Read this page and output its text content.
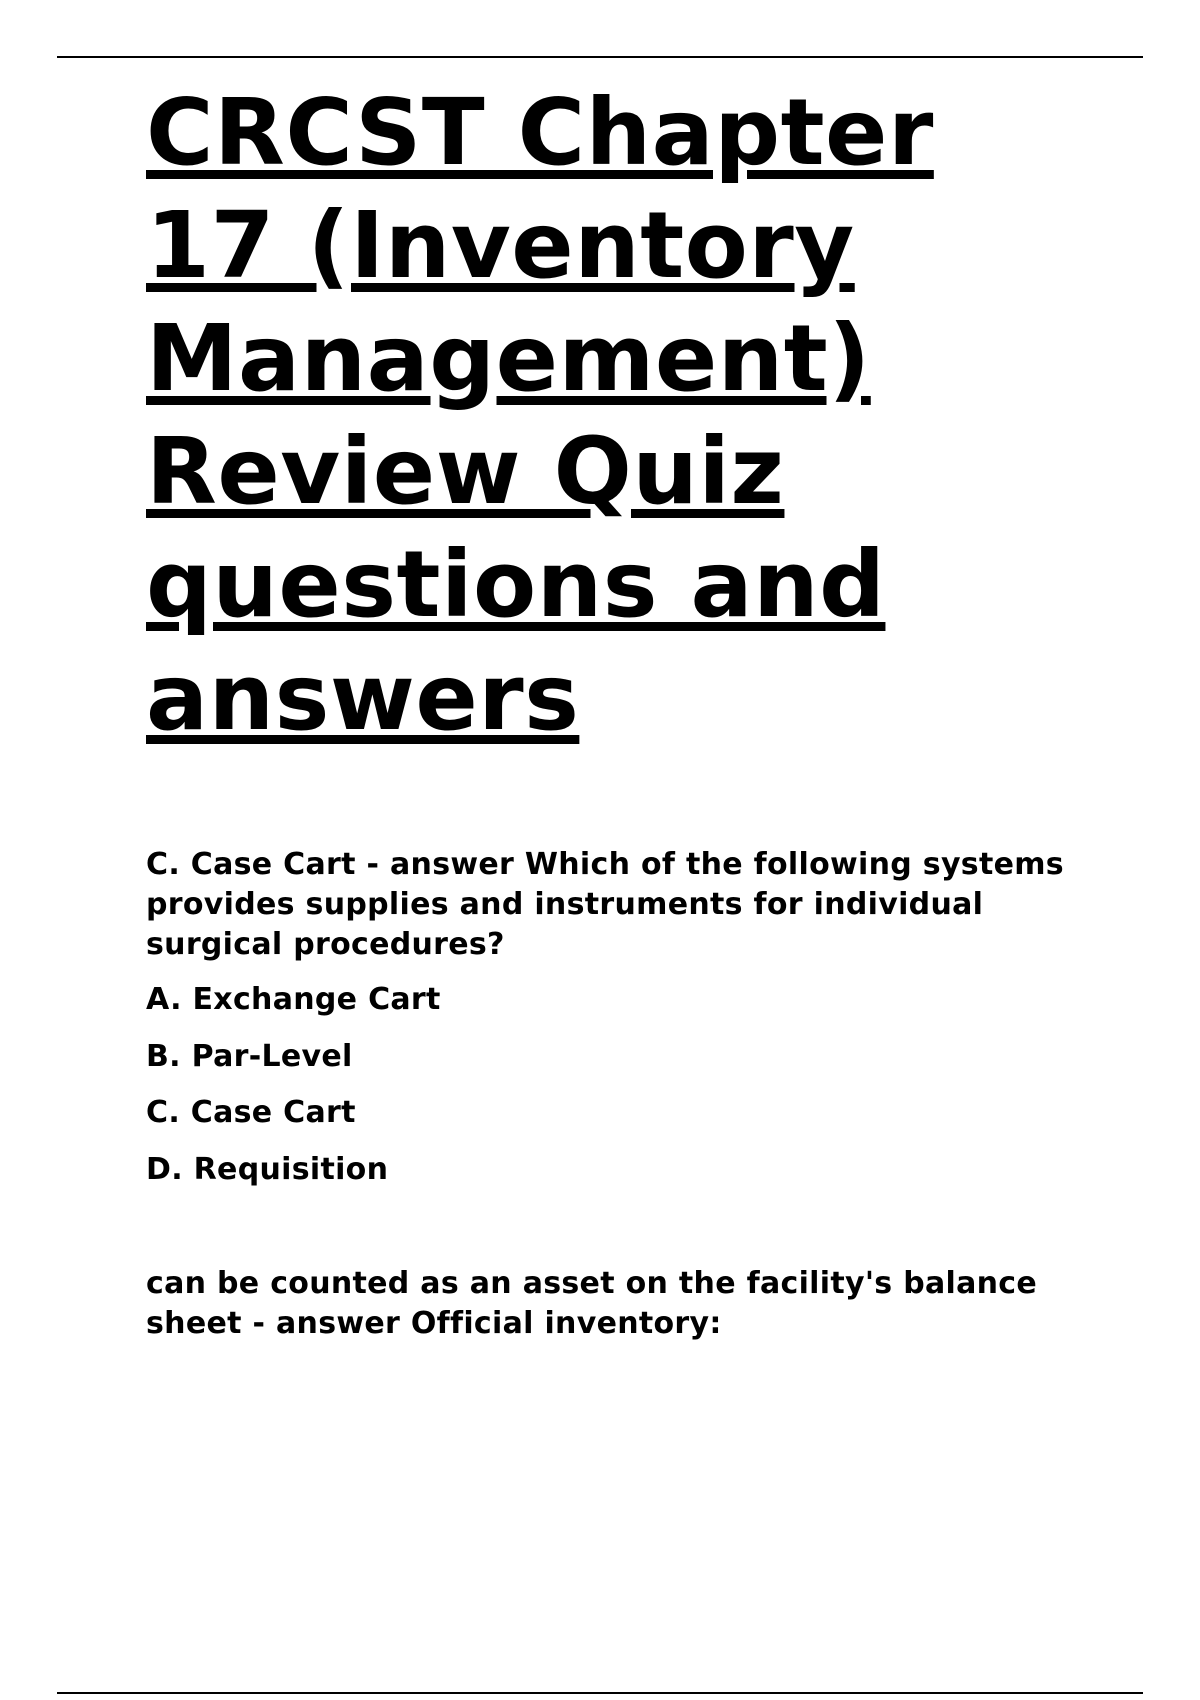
CRCST Chapter
17 (Inventory
Management)
Review Quiz
questions and
answers

C. Case Cart - answer Which of the following systems provides supplies and instruments for individual surgical procedures?

A. Exchange Cart
B. Par-Level
C. Case Cart
D. Requisition

can be counted as an asset on the facility's balance sheet - answer Official inventory:
